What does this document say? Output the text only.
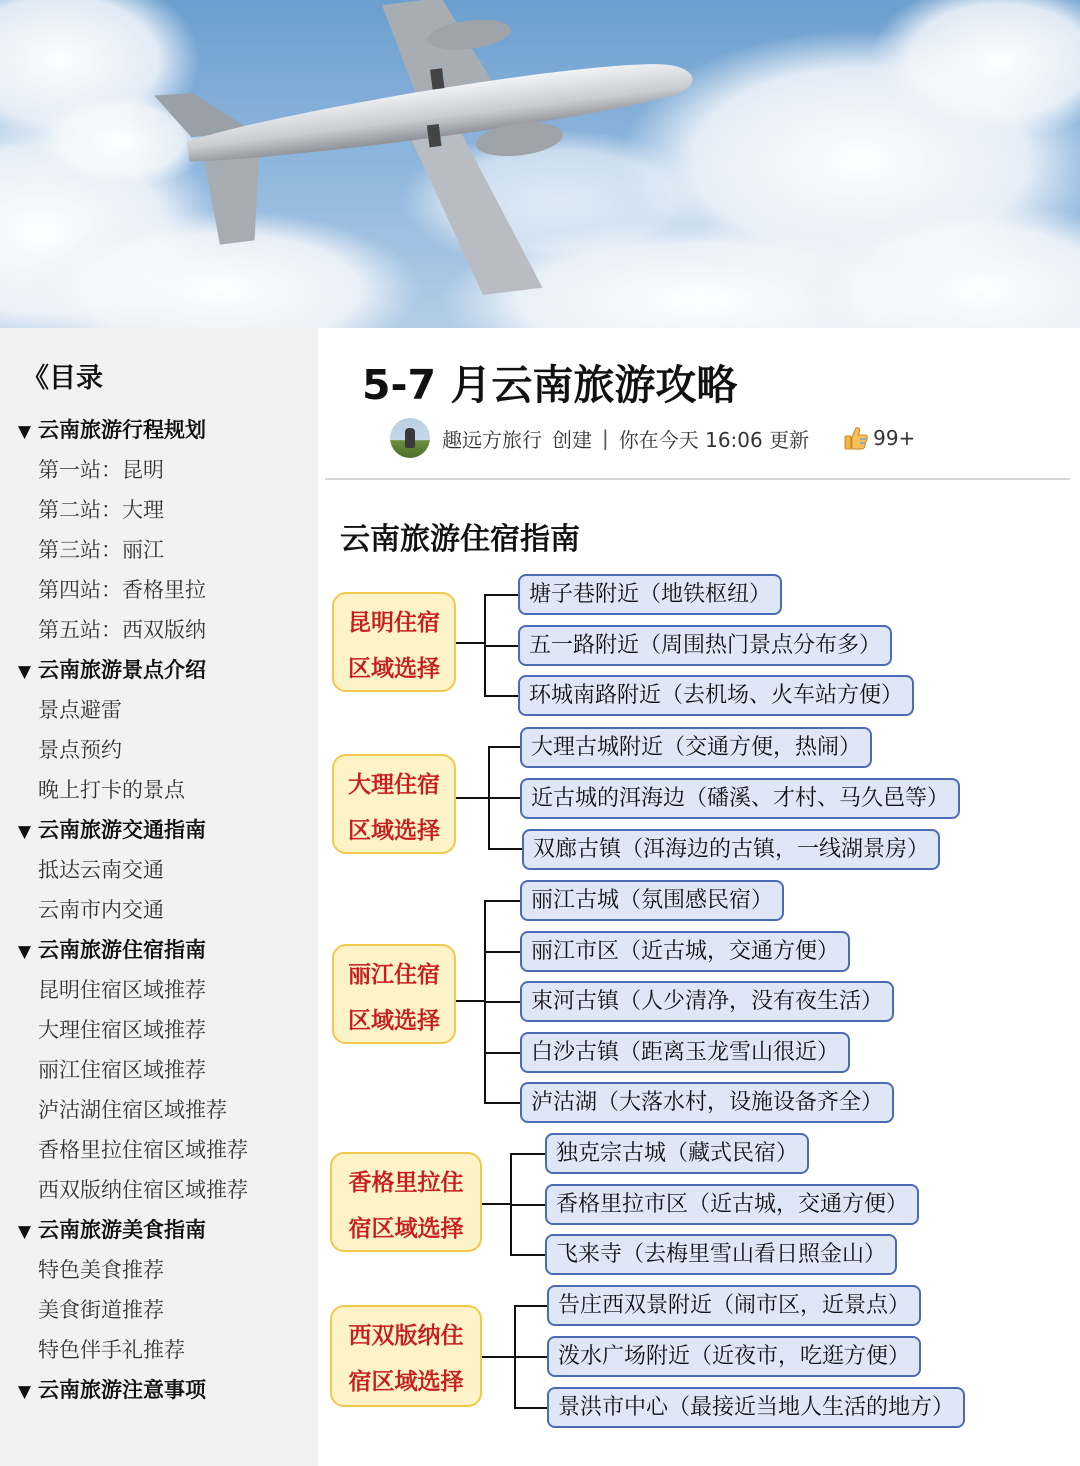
《目录
▼ 云南旅游行程规划
第一站：昆明
第二站：大理
第三站：丽江
第四站：香格里拉
第五站：西双版纳
▼ 云南旅游景点介绍
景点避雷
景点预约
晚上打卡的景点
▼ 云南旅游交通指南
抵达云南交通
云南市内交通
▼ 云南旅游住宿指南
昆明住宿区域推荐
大理住宿区域推荐
丽江住宿区域推荐
泸沽湖住宿区域推荐
香格里拉住宿区域推荐
西双版纳住宿区域推荐
▼ 云南旅游美食指南
特色美食推荐
美食街道推荐
特色伴手礼推荐
▼ 云南旅游注意事项
5-7 月云南旅游攻略
趣远方旅行 创建 | 你在今天 16:06 更新	99+
云南旅游住宿指南
昆明住宿
区域选择
塘子巷附近（地铁枢纽）
五一路附近（周围热门景点分布多）
环城南路附近（去机场、火车站方便）
大理住宿
区域选择
大理古城附近（交通方便，热闹）
近古城的洱海边（磻溪、才村、马久邑等）
双廊古镇（洱海边的古镇，一线湖景房）
丽江住宿
区域选择
丽江古城（氛围感民宿）
丽江市区（近古城，交通方便）
束河古镇（人少清净，没有夜生活）
白沙古镇（距离玉龙雪山很近）
泸沽湖（大落水村，设施设备齐全）
香格里拉住
宿区域选择
独克宗古城（藏式民宿）
香格里拉市区（近古城，交通方便）
飞来寺（去梅里雪山看日照金山）
西双版纳住
宿区域选择
告庄西双景附近（闹市区，近景点）
泼水广场附近（近夜市，吃逛方便）
景洪市中心（最接近当地人生活的地方）
